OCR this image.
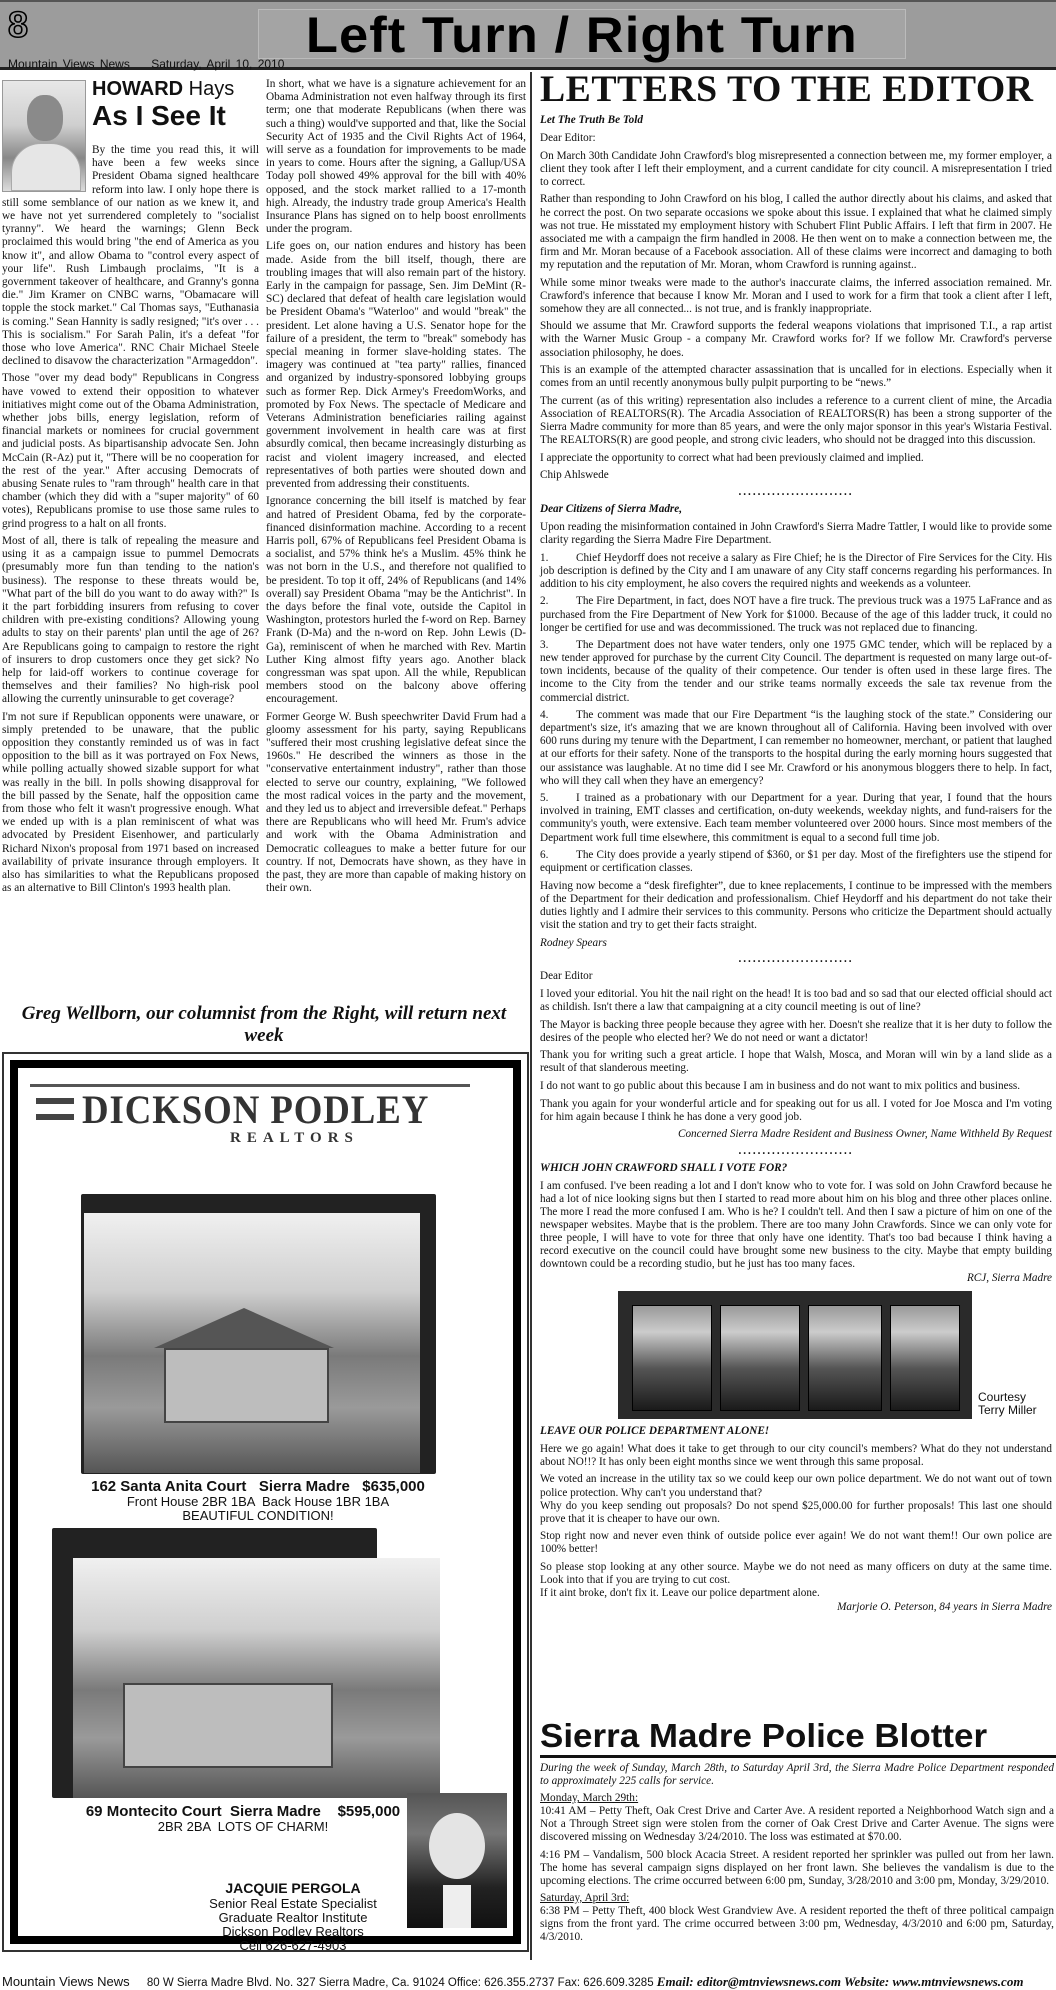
8	Left Turn / Right Turn
Mountain Views News Saturday, April 10, 2010
HOWARD Hays
As I See It

By the time you read this, it will have been a few weeks since President Obama signed healthcare reform into law. I only hope there is still some semblance of our nation as we knew it, and we have not yet surrendered completely to "socialist tyranny". We heard the warnings; Glenn Beck proclaimed this would bring "the end of America as you know it", and allow Obama to "control every aspect of your life". Rush Limbaugh proclaims, "It is a government takeover of healthcare, and Granny's gonna die." Jim Kramer on CNBC warns, "Obamacare will topple the stock market." Cal Thomas says, "Euthanasia is coming." Sean Hannity is sadly resigned; "it's over . . . This is socialism." For Sarah Palin, it's a defeat "for those who love America". RNC Chair Michael Steele declined to disavow the characterization "Armageddon".

Those "over my dead body" Republicans in Congress have vowed to extend their opposition to whatever initiatives might come out of the Obama Administration, whether jobs bills, energy legislation, reform of financial markets or nominees for crucial government and judicial posts. As bipartisanship advocate Sen. John McCain (R-Az) put it, "There will be no cooperation for the rest of the year." After accusing Democrats of abusing Senate rules to "ram through" health care in that chamber (which they did with a "super majority" of 60 votes), Republicans promise to use those same rules to grind progress to a halt on all fronts.

Most of all, there is talk of repealing the measure and using it as a campaign issue to pummel Democrats (presumably more fun than tending to the nation's business). The response to these threats would be, "What part of the bill do you want to do away with?" Is it the part forbidding insurers from refusing to cover children with pre-existing conditions? Allowing young adults to stay on their parents' plan until the age of 26? Are Republicans going to campaign to restore the right of insurers to drop customers once they get sick? No help for laid-off workers to continue coverage for themselves and their families? No high-risk pool allowing the currently uninsurable to get coverage?

I'm not sure if Republican opponents were unaware, or simply pretended to be unaware, that the public opposition they constantly reminded us of was in fact opposition to the bill as it was portrayed on Fox News, while polling actually showed sizable support for what was really in the bill. In polls showing disapproval for the bill passed by the Senate, half the opposition came from those who felt it wasn't progressive enough. What we ended up with is a plan reminiscent of what was advocated by President Eisenhower, and particularly Richard Nixon's proposal from 1971 based on increased availability of private insurance through employers. It also has similarities to what the Republicans proposed as an alternative to Bill Clinton's 1993 health plan.

In short, what we have is a signature achievement for an Obama Administration not even halfway through its first term; one that moderate Republicans (when there was such a thing) would've supported and that, like the Social Security Act of 1935 and the Civil Rights Act of 1964, will serve as a foundation for improvements to be made in years to come. Hours after the signing, a Gallup/USA Today poll showed 49% approval for the bill with 40% opposed, and the stock market rallied to a 17-month high. Already, the industry trade group America's Health Insurance Plans has signed on to help boost enrollments under the program.

Life goes on, our nation endures and history has been made. Aside from the bill itself, though, there are troubling images that will also remain part of the history. Early in the campaign for passage, Sen. Jim DeMint (R-SC) declared that defeat of health care legislation would be President Obama's "Waterloo" and would "break" the president. Let alone having a U.S. Senator hope for the failure of a president, the term to "break" somebody has special meaning in former slave-holding states. The imagery was continued at "tea party" rallies, financed and organized by industry-sponsored lobbying groups such as former Rep. Dick Armey's FreedomWorks, and promoted by Fox News. The spectacle of Medicare and Veterans Administration beneficiaries railing against government involvement in health care was at first absurdly comical, then became increasingly disturbing as racist and violent imagery increased, and elected representatives of both parties were shouted down and prevented from addressing their constituents.

Ignorance concerning the bill itself is matched by fear and hatred of President Obama, fed by the corporate-financed disinformation machine. According to a recent Harris poll, 67% of Republicans feel President Obama is a socialist, and 57% think he's a Muslim. 45% think he was not born in the U.S., and therefore not qualified to be president. To top it off, 24% of Republicans (and 14% overall) say President Obama "may be the Antichrist". In the days before the final vote, outside the Capitol in Washington, protestors hurled the f-word on Rep. Barney Frank (D-Ma) and the n-word on Rep. John Lewis (D-Ga), reminiscent of when he marched with Rev. Martin Luther King almost fifty years ago. Another black congressman was spat upon. All the while, Republican members stood on the balcony above offering encouragement.

Former George W. Bush speechwriter David Frum had a gloomy assessment for his party, saying Republicans "suffered their most crushing legislative defeat since the 1960s." He described the winners as those in the "conservative entertainment industry", rather than those elected to serve our country, explaining, "We followed the most radical voices in the party and the movement, and they led us to abject and irreversible defeat." Perhaps there are Republicans who will heed Mr. Frum's advice and work with the Obama Administration and Democratic colleagues to make a better future for our country. If not, Democrats have shown, as they have in the past, they are more than capable of making history on their own.

Greg Wellborn, our columnist from the Right, will return next week
DICKSON PODLEY
REALTORS
162 Santa Anita Court   Sierra Madre   $635,000
Front House 2BR 1BA  Back House 1BR 1BA
BEAUTIFUL CONDITION!
69 Montecito Court  Sierra Madre    $595,000
2BR 2BA  LOTS OF CHARM!
JACQUIE PERGOLA
Senior Real Estate Specialist
Graduate Realtor Institute
Dickson Podley Realtors
Cell 626-627-4903
LETTERS TO THE EDITOR
Let The Truth Be Told

Dear Editor:

On March 30th Candidate John Crawford's blog misrepresented a connection between me, my former employer, a client they took after I left their employment, and a current candidate for city council. A misrepresentation I tried to correct.

Rather than responding to John Crawford on his blog, I called the author directly about his claims, and asked that he correct the post. On two separate occasions we spoke about this issue. I explained that what he claimed simply was not true. He misstated my employment history with Schubert Flint Public Affairs. I left that firm in 2007. He associated me with a campaign the firm handled in 2008. He then went on to make a connection between me, the firm and Mr. Moran because of a Facebook association. All of these claims were incorrect and damaging to both my reputation and the reputation of Mr. Moran, whom Crawford is running against..

While some minor tweaks were made to the author's inaccurate claims, the inferred association remained. Mr. Crawford's inference that because I know Mr. Moran and I used to work for a firm that took a client after I left, somehow they are all connected... is not true, and is frankly inappropriate.

Should we assume that Mr. Crawford supports the federal weapons violations that imprisoned T.I., a rap artist with the Warner Music Group - a company Mr. Crawford works for? If we follow Mr. Crawford's perverse association philosophy, he does.

This is an example of the attempted character assassination that is uncalled for in elections. Especially when it comes from an until recently anonymous bully pulpit purporting to be “news.”

The current (as of this writing) representation also includes a reference to a current client of mine, the Arcadia Association of REALTORS(R). The Arcadia Association of REALTORS(R) has been a strong supporter of the Sierra Madre community for more than 85 years, and were the only major sponsor in this year's Wistaria Festival. The REALTORS(R) are good people, and strong civic leaders, who should not be dragged into this discussion.

I appreciate the opportunity to correct what had been previously claimed and implied.

Chip Ahlswede

........................
Dear Citizens of Sierra Madre,

Upon reading the misinformation contained in John Crawford's Sierra Madre Tattler, I would like to provide some clarity regarding the Sierra Madre Fire Department.

1. Chief Heydorff does not receive a salary as Fire Chief; he is the Director of Fire Services for the City. His job description is defined by the City and I am unaware of any City staff concerns regarding his performances. In addition to his city employment, he also covers the required nights and weekends as a volunteer.

2. The Fire Department, in fact, does NOT have a fire truck. The previous truck was a 1975 LaFrance and as purchased from the Fire Department of New York for $1000. Because of the age of this ladder truck, it could no longer be certified for use and was decommissioned. The truck was not replaced due to financing.

3. The Department does not have water tenders, only one 1975 GMC tender, which will be replaced by a new tender approved for purchase by the current City Council. The department is requested on many large out-of-town incidents, because of the quality of their competence. Our tender is often used in these large fires. The income to the City from the tender and our strike teams normally exceeds the sale tax revenue from the commercial district.

4. The comment was made that our Fire Department “is the laughing stock of the state.” Considering our department's size, it's amazing that we are known throughout all of California. Having been involved with over 600 runs during my tenure with the Department, I can remember no homeowner, merchant, or patient that laughed at our efforts for their safety. None of the transports to the hospital during the early morning hours suggested that our assistance was laughable. At no time did I see Mr. Crawford or his anonymous bloggers there to help. In fact, who will they call when they have an emergency?

5. I trained as a probationary with our Department for a year. During that year, I found that the hours involved in training, EMT classes and certification, on-duty weekends, weekday nights, and fund-raisers for the community's youth, were extensive. Each team member volunteered over 2000 hours. Since most members of the Department work full time elsewhere, this commitment is equal to a second full time job.

6. The City does provide a yearly stipend of $360, or $1 per day. Most of the firefighters use the stipend for equipment or certification classes.

Having now become a “desk firefighter”, due to knee replacements, I continue to be impressed with the members of the Department for their dedication and professionalism. Chief Heydorff and his department do not take their duties lightly and I admire their services to this community. Persons who criticize the Department should actually visit the station and try to get their facts straight.

Rodney Spears

........................

Dear Editor

I loved your editorial. You hit the nail right on the head! It is too bad and so sad that our elected official should act as childish. Isn't there a law that campaigning at a city council meeting is out of line?

The Mayor is backing three people because they agree with her. Doesn't she realize that it is her duty to follow the desires of the people who elected her? We do not need or want a dictator!

Thank you for writing such a great article. I hope that Walsh, Mosca, and Moran will win by a land slide as a result of that slanderous meeting.

I do not want to go public about this because I am in business and do not want to mix politics and business.

Thank you again for your wonderful article and for speaking out for us all. I voted for Joe Mosca and I'm voting for him again because I think he has done a very good job.

Concerned Sierra Madre Resident and Business Owner, Name Withheld By Request

........................
WHICH JOHN CRAWFORD SHALL I VOTE FOR?

I am confused. I've been reading a lot and I don't know who to vote for. I was sold on John Crawford because he had a lot of nice looking signs but then I started to read more about him on his blog and three other places online. The more I read the more confused I am. Who is he? I couldn't tell. And then I saw a picture of him on one of the newspaper websites. Maybe that is the problem. There are too many John Crawfords. Since we can only vote for three people, I will have to vote for three that only have one identity. That's too bad because I think having a record executive on the council could have brought some new business to the city. Maybe that empty building downtown could be a recording studio, but he just has too many faces.

RCJ, Sierra Madre

Courtesy
Terry Miller
LEAVE OUR POLICE DEPARTMENT ALONE!

Here we go again! What does it take to get through to our city council's members? What do they not understand about NO!!? It has only been eight months since we went through this same proposal.

We voted an increase in the utility tax so we could keep our own police department. We do not want out of town police protection. Why can't you understand that?
Why do you keep sending out proposals? Do not spend $25,000.00 for further proposals! This last one should prove that it is cheaper to have our own.

Stop right now and never even think of outside police ever again! We do not want them!! Our own police are 100% better!

So please stop looking at any other source. Maybe we do not need as many officers on duty at the same time. Look into that if you are trying to cut cost.
If it aint broke, don't fix it. Leave our police department alone.

Marjorie O. Peterson, 84 years in Sierra Madre

Sierra Madre Police Blotter

During the week of Sunday, March 28th, to Saturday April 3rd, the Sierra Madre Police Department responded to approximately 225 calls for service.

Monday, March 29th:

10:41 AM – Petty Theft, Oak Crest Drive and Carter Ave. A resident reported a Neighborhood Watch sign and a Not a Through Street sign were stolen from the corner of Oak Crest Drive and Carter Avenue. The signs were discovered missing on Wednesday 3/24/2010. The loss was estimated at $70.00.

4:16 PM – Vandalism, 500 block Acacia Street. A resident reported her sprinkler was pulled out from her lawn. The home has several campaign signs displayed on her front lawn. She believes the vandalism is due to the upcoming elections. The crime occurred between 6:00 pm, Sunday, 3/28/2010 and 3:00 pm, Monday, 3/29/2010.

Saturday, April 3rd:

6:38 PM – Petty Theft, 400 block West Grandview Ave. A resident reported the theft of three political campaign signs from the front yard. The crime occurred between 3:00 pm, Wednesday, 4/3/2010 and 6:00 pm, Saturday, 4/3/2010.

Mountain Views News 80 W Sierra Madre Blvd. No. 327 Sierra Madre, Ca. 91024 Office: 626.355.2737 Fax: 626.609.3285 Email: editor@mtnviewsnews.com Website: www.mtnviewsnews.com
